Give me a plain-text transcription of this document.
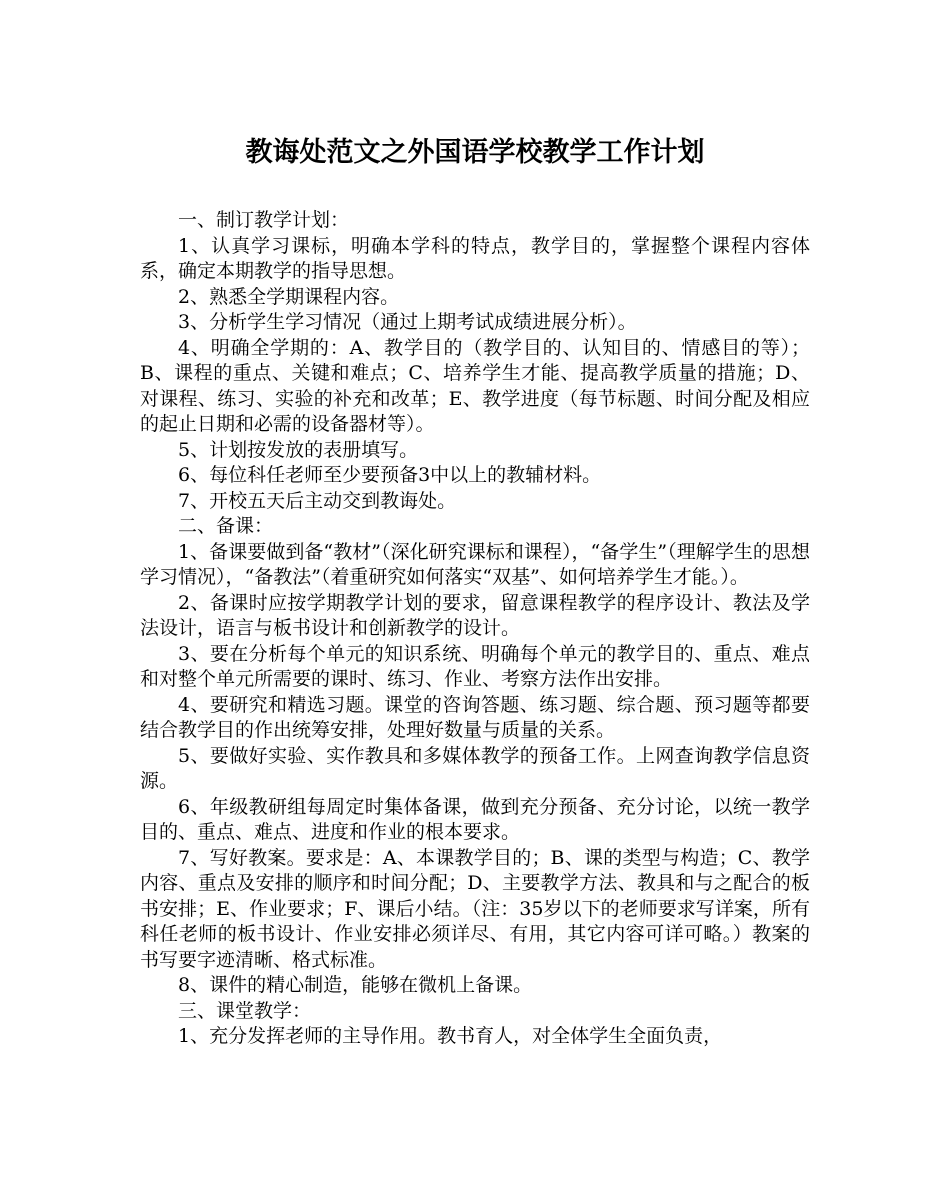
教诲处范文之外国语学校教学工作计划

一、制订教学计划：

1、认真学习课标，明确本学科的特点，教学目的，掌握整个课程内容体系，确定本期教学的指导思想。

2、熟悉全学期课程内容。

3、分析学生学习情况（通过上期考试成绩进展分析）。

4、明确全学期的：A、教学目的（教学目的、认知目的、情感目的等）；B、课程的重点、关键和难点；C、培养学生才能、提高教学质量的措施；D、对课程、练习、实验的补充和改革；E、教学进度（每节标题、时间分配及相应的起止日期和必需的设备器材等）。

5、计划按发放的表册填写。

6、每位科任老师至少要预备3中以上的教辅材料。

7、开校五天后主动交到教诲处。

二、备课：

1、备课要做到备“教材”（深化研究课标和课程），“备学生”（理解学生的思想学习情况），“备教法”（着重研究如何落实“双基”、如何培养学生才能。）。

2、备课时应按学期教学计划的要求，留意课程教学的程序设计、教法及学法设计，语言与板书设计和创新教学的设计。

3、要在分析每个单元的知识系统、明确每个单元的教学目的、重点、难点和对整个单元所需要的课时、练习、作业、考察方法作出安排。

4、要研究和精选习题。课堂的咨询答题、练习题、综合题、预习题等都要结合教学目的作出统筹安排，处理好数量与质量的关系。

5、要做好实验、实作教具和多媒体教学的预备工作。上网查询教学信息资源。

6、年级教研组每周定时集体备课，做到充分预备、充分讨论，以统一教学目的、重点、难点、进度和作业的根本要求。

7、写好教案。要求是：A、本课教学目的；B、课的类型与构造；C、教学内容、重点及安排的顺序和时间分配；D、主要教学方法、教具和与之配合的板书安排；E、作业要求；F、课后小结。（注：35岁以下的老师要求写详案，所有科任老师的板书设计、作业安排必须详尽、有用，其它内容可详可略。）教案的书写要字迹清晰、格式标准。

8、课件的精心制造，能够在微机上备课。

三、课堂教学：

1、充分发挥老师的主导作用。教书育人，对全体学生全面负责，
